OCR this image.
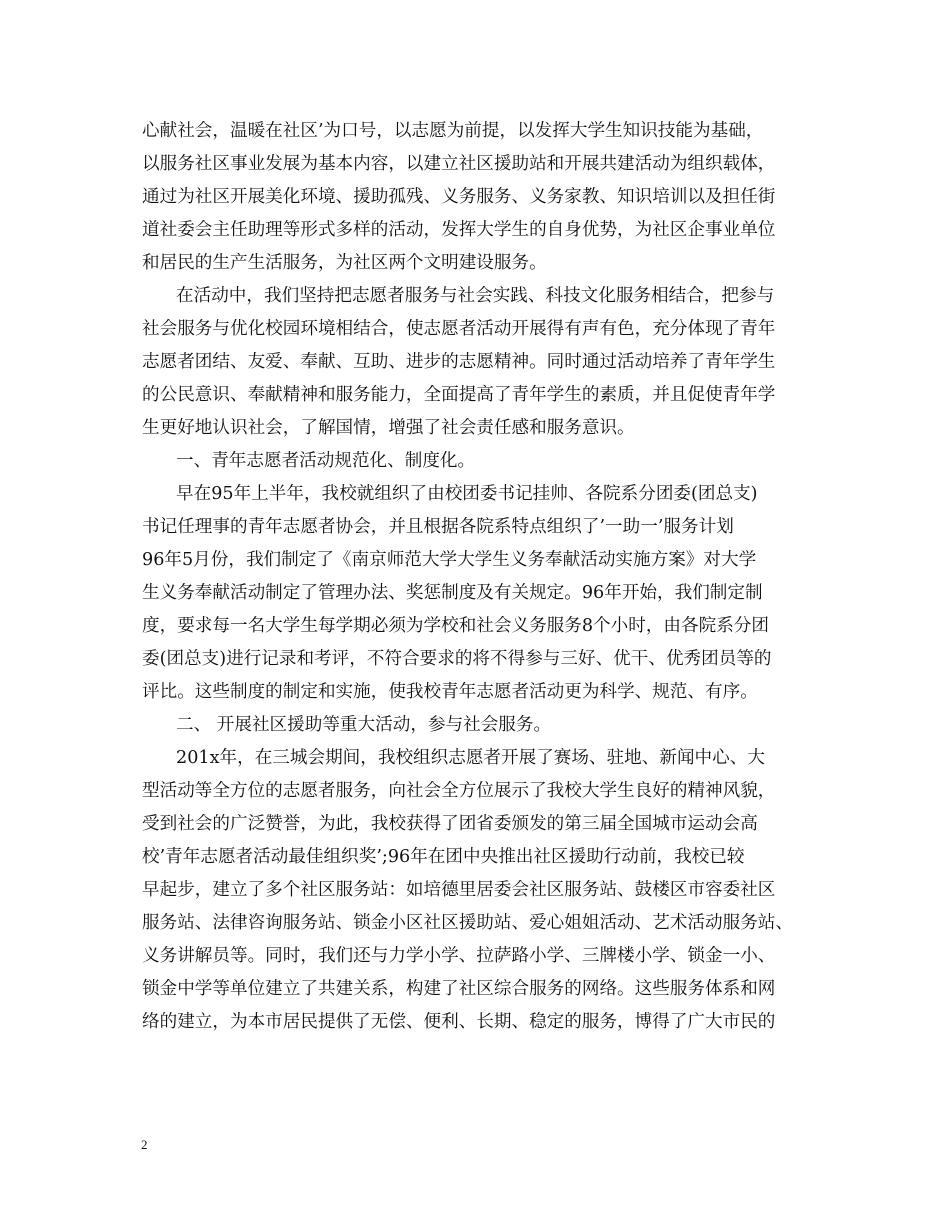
心献社会，温暖在社区’为口号，以志愿为前提，以发挥大学生知识技能为基础，
以服务社区事业发展为基本内容，以建立社区援助站和开展共建活动为组织载体，
通过为社区开展美化环境、援助孤残、义务服务、义务家教、知识培训以及担任街
道社委会主任助理等形式多样的活动，发挥大学生的自身优势，为社区企事业单位
和居民的生产生活服务，为社区两个文明建设服务。
在活动中，我们坚持把志愿者服务与社会实践、科技文化服务相结合，把参与
社会服务与优化校园环境相结合，使志愿者活动开展得有声有色，充分体现了青年
志愿者团结、友爱、奉献、互助、进步的志愿精神。同时通过活动培养了青年学生
的公民意识、奉献精神和服务能力，全面提高了青年学生的素质，并且促使青年学
生更好地认识社会，了解国情，增强了社会责任感和服务意识。
一、青年志愿者活动规范化、制度化。
早在95年上半年，我校就组织了由校团委书记挂帅、各院系分团委(团总支)
书记任理事的青年志愿者协会，并且根据各院系特点组织了’一助一’服务计划
96年5月份，我们制定了《南京师范大学大学生义务奉献活动实施方案》对大学
生义务奉献活动制定了管理办法、奖惩制度及有关规定。96年开始，我们制定制
度，要求每一名大学生每学期必须为学校和社会义务服务8个小时，由各院系分团
委(团总支)进行记录和考评，不符合要求的将不得参与三好、优干、优秀团员等的
评比。这些制度的制定和实施，使我校青年志愿者活动更为科学、规范、有序。
二、 开展社区援助等重大活动，参与社会服务。
201x年，在三城会期间，我校组织志愿者开展了赛场、驻地、新闻中心、大
型活动等全方位的志愿者服务，向社会全方位展示了我校大学生良好的精神风貌，
受到社会的广泛赞誉，为此，我校获得了团省委颁发的第三届全国城市运动会高
校’青年志愿者活动最佳组织奖’;96年在团中央推出社区援助行动前，我校已较
早起步，建立了多个社区服务站：如培德里居委会社区服务站、鼓楼区市容委社区
服务站、法律咨询服务站、锁金小区社区援助站、爱心姐姐活动、艺术活动服务站、
义务讲解员等。同时，我们还与力学小学、拉萨路小学、三牌楼小学、锁金一小、
锁金中学等单位建立了共建关系，构建了社区综合服务的网络。这些服务体系和网
络的建立，为本市居民提供了无偿、便利、长期、稳定的服务，博得了广大市民的
2
